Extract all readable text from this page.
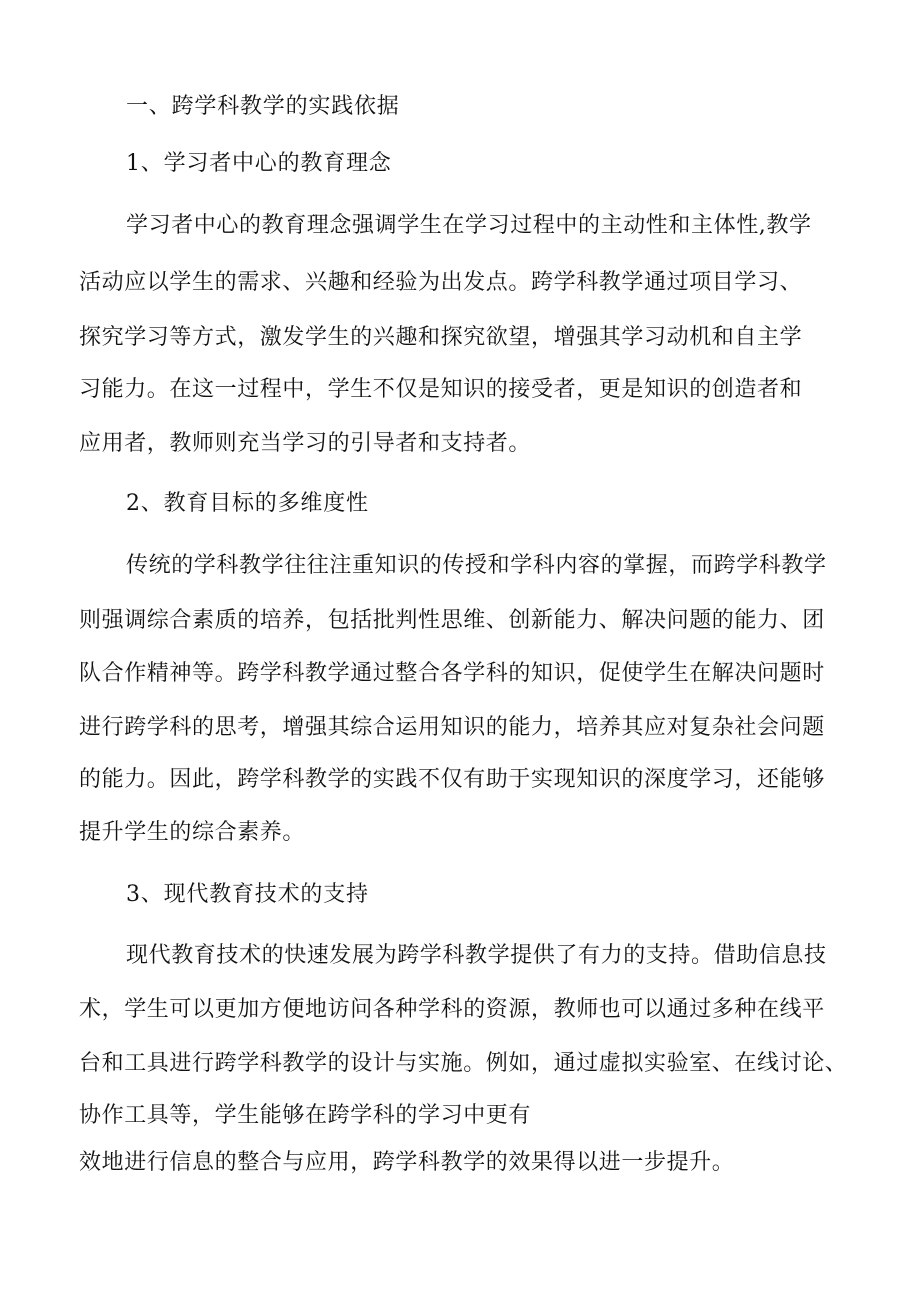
一、跨学科教学的实践依据
1、学习者中心的教育理念
学习者中心的教育理念强调学生在学习过程中的主动性和主体性,教学
活动应以学生的需求、兴趣和经验为出发点。跨学科教学通过项目学习、
探究学习等方式，激发学生的兴趣和探究欲望，增强其学习动机和自主学
习能力。在这一过程中，学生不仅是知识的接受者，更是知识的创造者和
应用者，教师则充当学习的引导者和支持者。
2、教育目标的多维度性
传统的学科教学往往注重知识的传授和学科内容的掌握，而跨学科教学
则强调综合素质的培养，包括批判性思维、创新能力、解决问题的能力、团
队合作精神等。跨学科教学通过整合各学科的知识，促使学生在解决问题时
进行跨学科的思考，增强其综合运用知识的能力，培养其应对复杂社会问题
的能力。因此，跨学科教学的实践不仅有助于实现知识的深度学习，还能够
提升学生的综合素养。
3、现代教育技术的支持
现代教育技术的快速发展为跨学科教学提供了有力的支持。借助信息技
术，学生可以更加方便地访问各种学科的资源，教师也可以通过多种在线平
台和工具进行跨学科教学的设计与实施。例如，通过虚拟实验室、在线讨论、
协作工具等，学生能够在跨学科的学习中更有
效地进行信息的整合与应用，跨学科教学的效果得以进一步提升。
